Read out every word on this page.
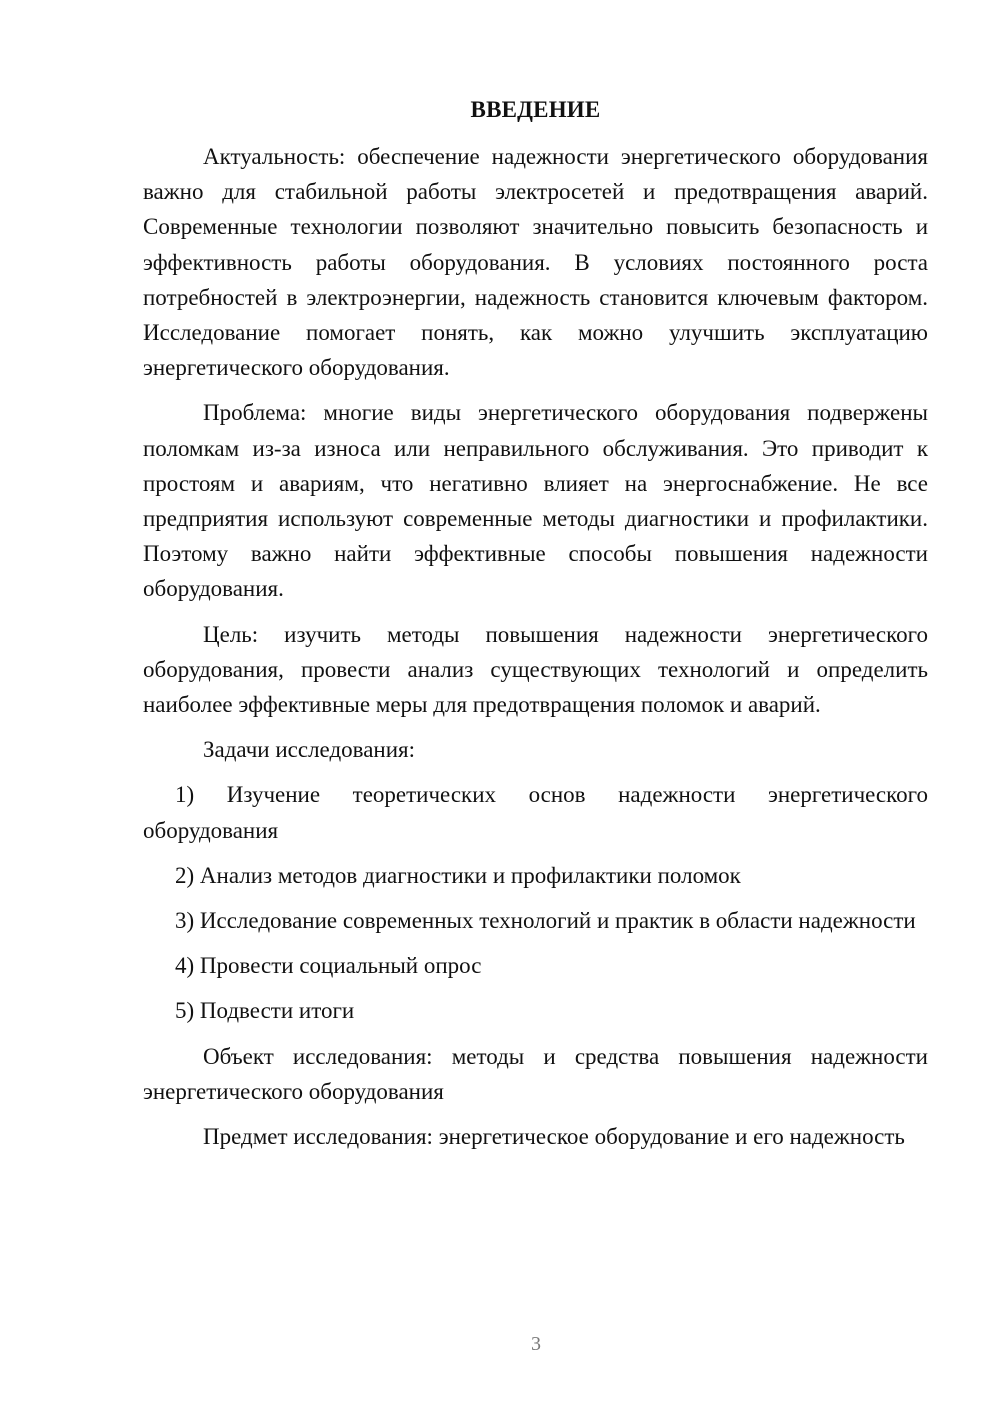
ВВЕДЕНИЕ

Актуальность: обеспечение надежности энергетического оборудования важно для стабильной работы электросетей и предотвращения аварий. Современные технологии позволяют значительно повысить безопасность и эффективность работы оборудования. В условиях постоянного роста потребностей в электроэнергии, надежность становится ключевым фактором. Исследование помогает понять, как можно улучшить эксплуатацию энергетического оборудования.

Проблема: многие виды энергетического оборудования подвержены поломкам из-за износа или неправильного обслуживания. Это приводит к простоям и авариям, что негативно влияет на энергоснабжение. Не все предприятия используют современные методы диагностики и профилактики. Поэтому важно найти эффективные способы повышения надежности оборудования.

Цель: изучить методы повышения надежности энергетического оборудования, провести анализ существующих технологий и определить наиболее эффективные меры для предотвращения поломок и аварий.

Задачи исследования:

1) Изучение теоретических основ надежности энергетического оборудования

2) Анализ методов диагностики и профилактики поломок

3) Исследование современных технологий и практик в области надежности

4) Провести социальный опрос

5) Подвести итоги

Объект исследования: методы и средства повышения надежности энергетического оборудования

Предмет исследования: энергетическое оборудование и его надежность

3
